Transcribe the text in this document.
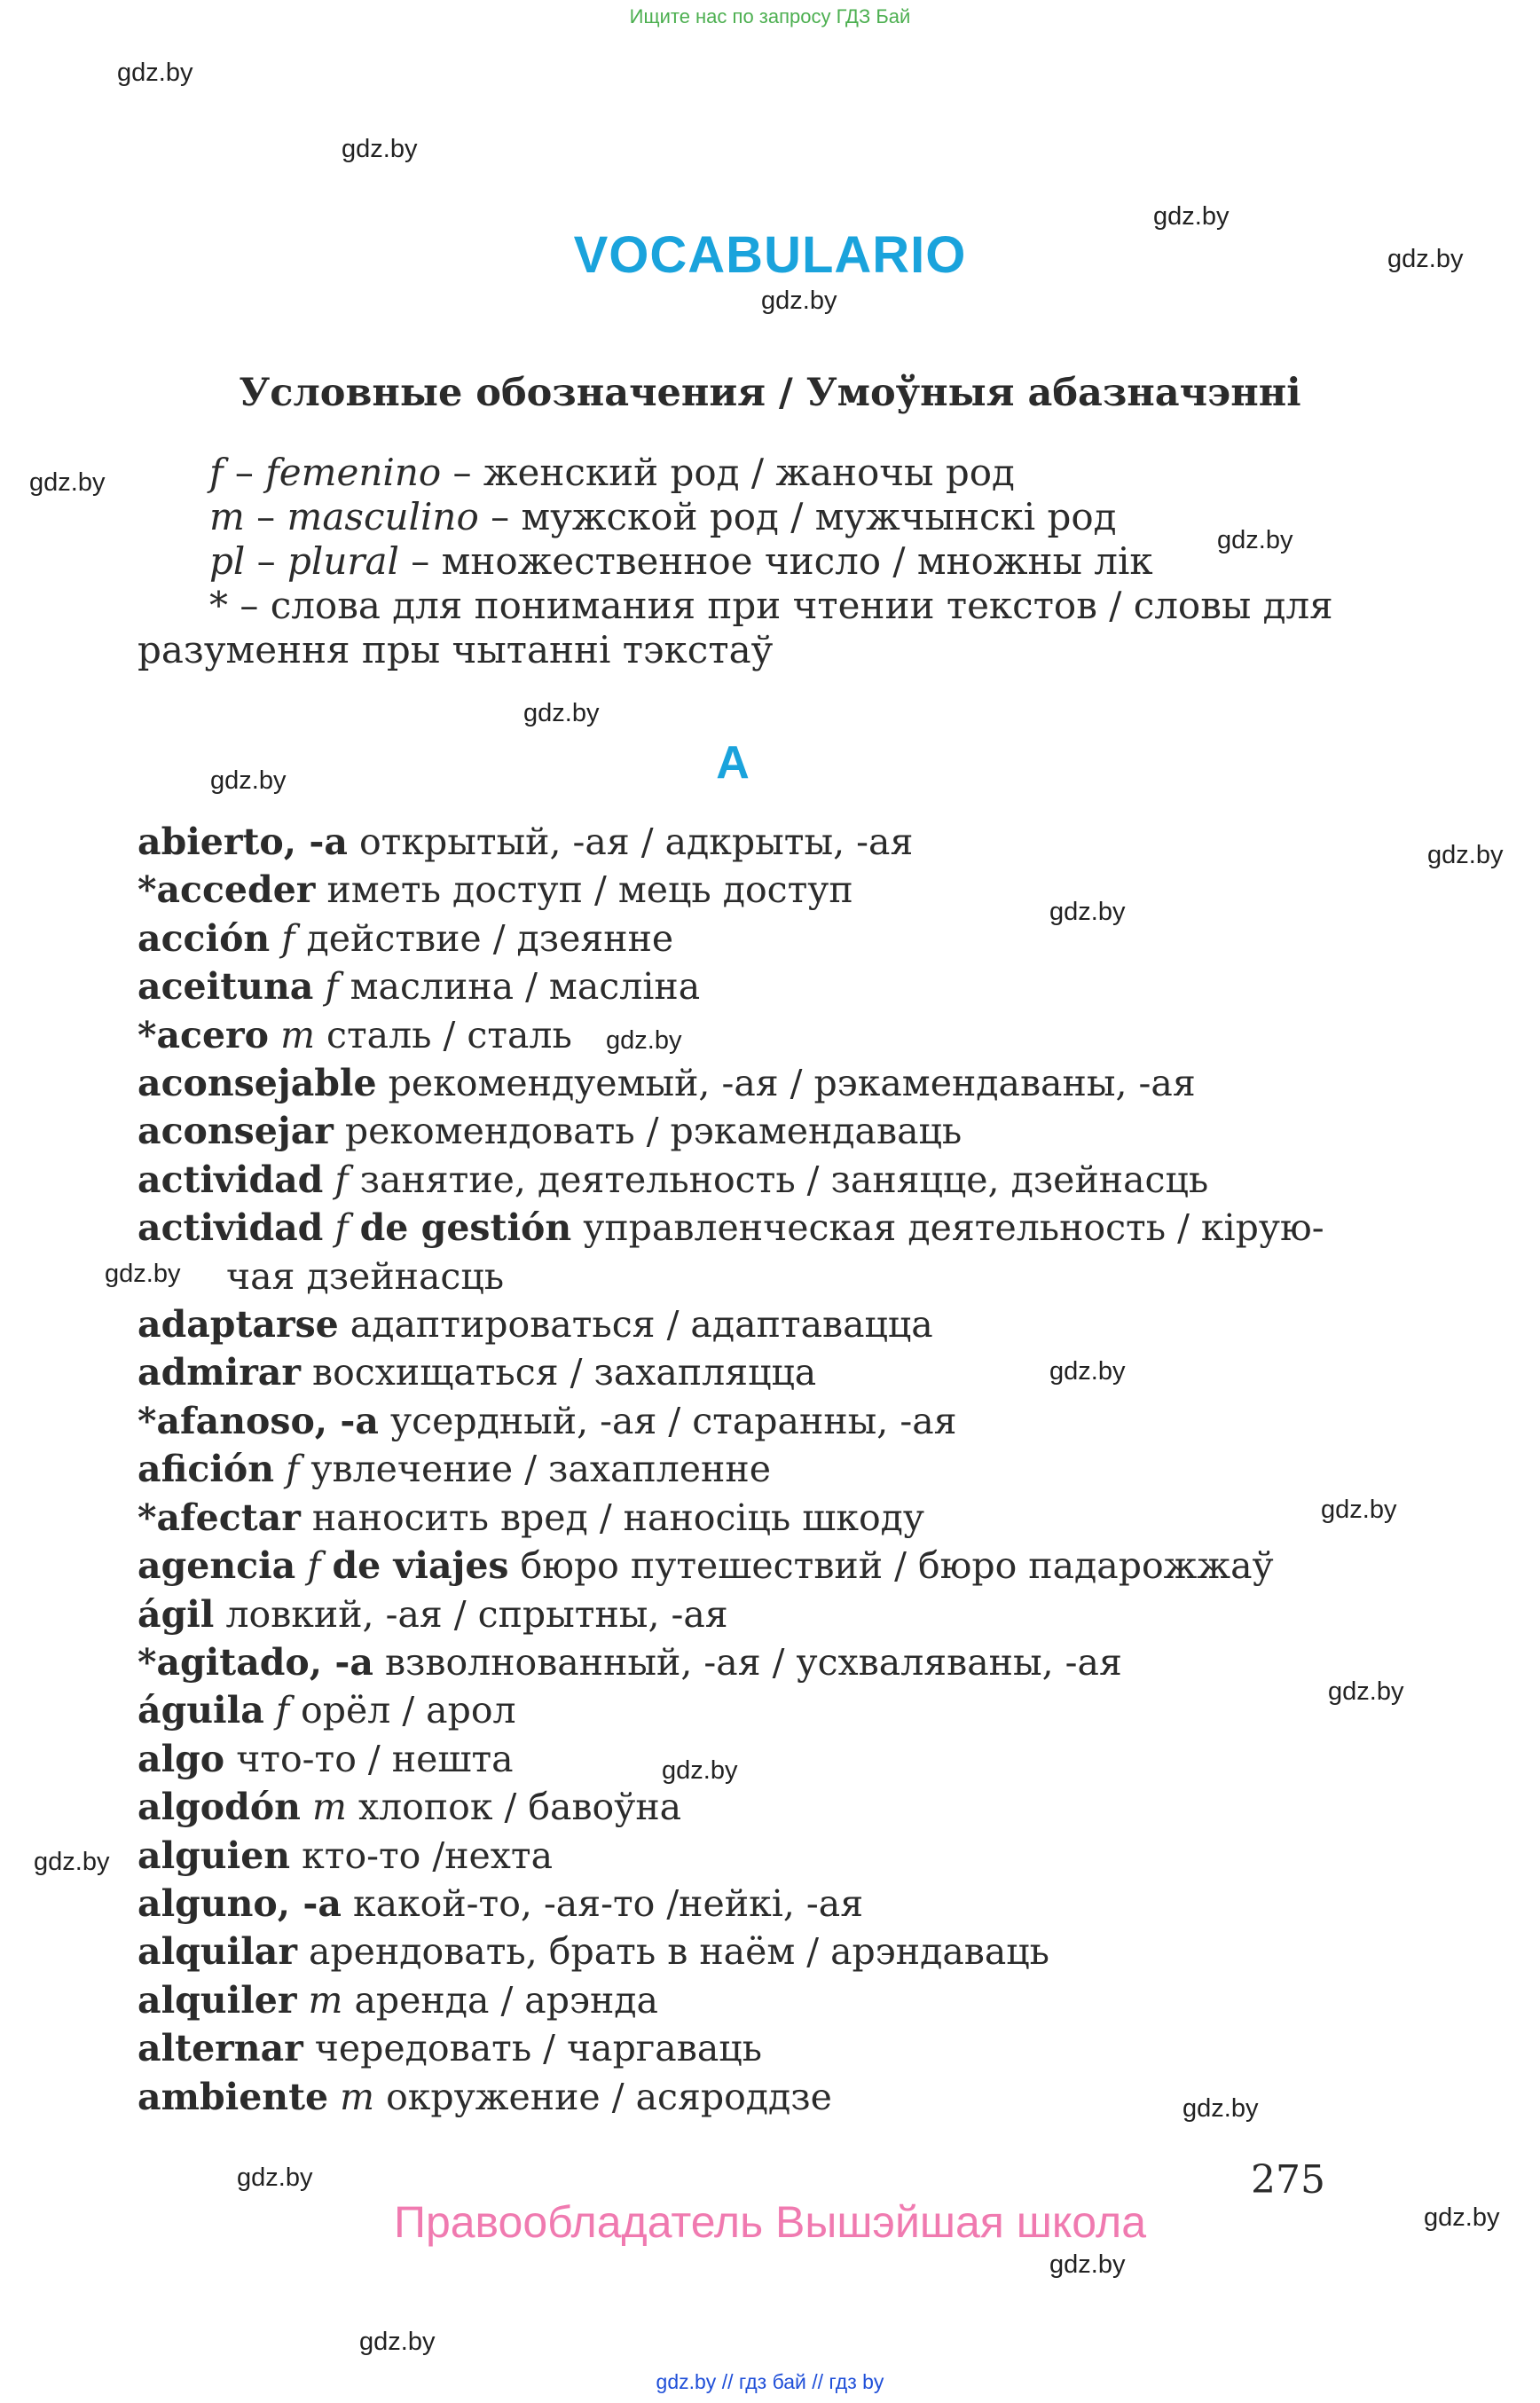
Ищите нас по запросу ГДЗ Бай
gdz.by
gdz.by
gdz.by
gdz.by
gdz.by
gdz.by
gdz.by
gdz.by
gdz.by
gdz.by
gdz.by
gdz.by
gdz.by
gdz.by
gdz.by
gdz.by
gdz.by
gdz.by
gdz.by
gdz.by
gdz.by
gdz.by
gdz.by
VOCABULARIO
Условные обозначения / Умоўныя абазначэнні
f – femenino – женский род / жаночы род
m – masculino – мужской род / мужчынскі род
pl – plural – множественное число / множны лік
* – слова для понимания при чтении текстов / словы для
разумення пры чытанні тэкстаў
A
abierto, -a открытый, -ая / адкрыты, -ая
*acceder иметь доступ / мець доступ
acción f действие / дзеянне
aceituna f маслина / масліна
*acero m сталь / сталь
aconsejable рекомендуемый, -ая / рэкамендаваны, -ая
aconsejar рекомендовать / рэкамендаваць
actividad f занятие, деятельность / заняцце, дзейнасць
actividad f de gestión управленческая деятельность / кірую-
чая дзейнасць
adaptarse адаптироваться / адаптавацца
admirar восхищаться / захапляцца
*afanoso, -a усердный, -ая / старанны, -ая
afición f увлечение / захапленне
*afectar наносить вред / наносіць шкоду
agencia f de viajes бюро путешествий / бюро падарожжаў
ágil ловкий, -ая / спрытны, -ая
*agitado, -a взволнованный, -ая / усхваляваны, -ая
águila f орёл / арол
algo что-то / нешта
algodón m хлопок / бавоўна
alguien кто-то /нехта
alguno, -a какой-то, -ая-то /нейкі, -ая
alquilar арендовать, брать в наём / арэндаваць
alquiler m аренда / арэнда
alternar чередовать / чаргаваць
ambiente m окружение / асяроддзе
275
Правообладатель Вышэйшая школа
gdz.by // гдз бай // гдз by
